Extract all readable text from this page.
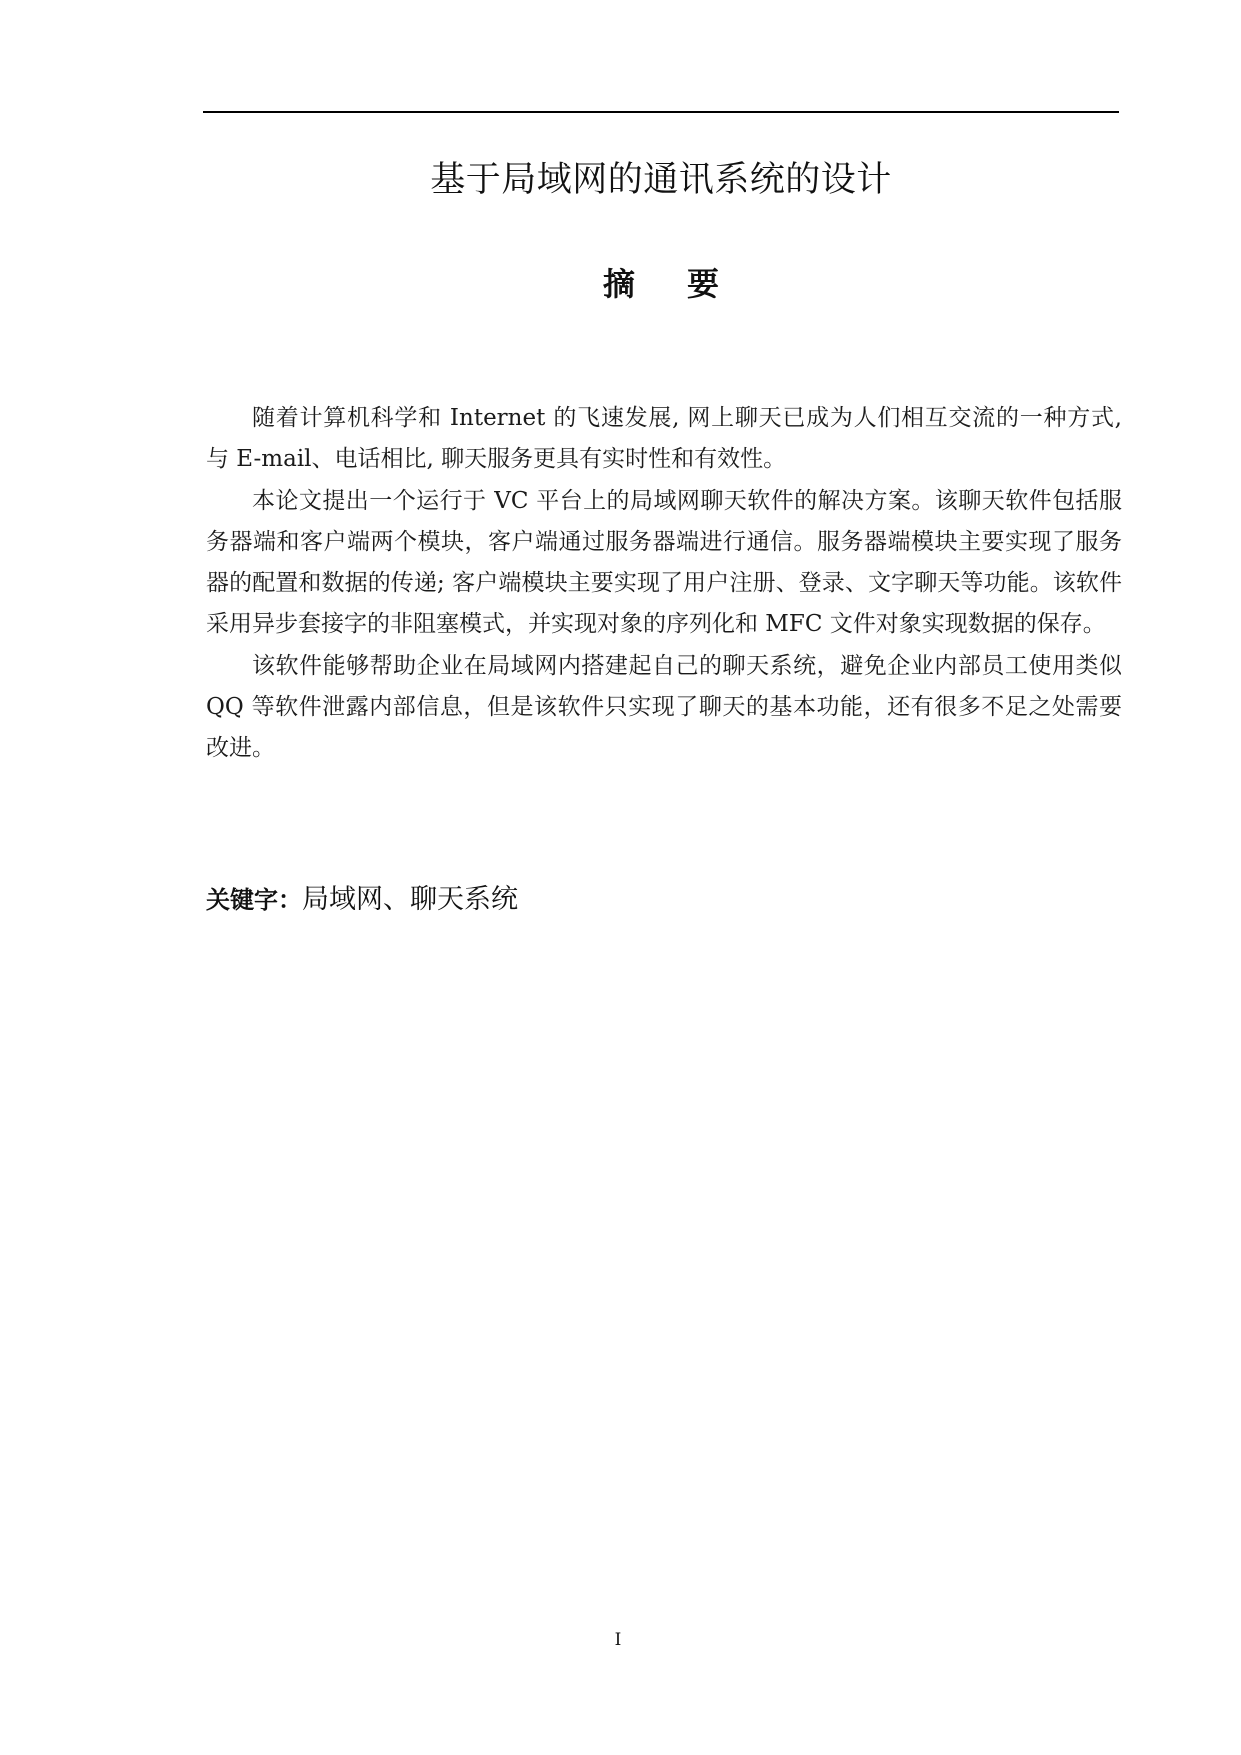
基于局域网的通讯系统的设计
摘 要

随着计算机科学和 Internet 的飞速发展, 网上聊天已成为人们相互交流的一种方式, 与 E-mail、电话相比, 聊天服务更具有实时性和有效性。

本论文提出一个运行于 VC 平台上的局域网聊天软件的解决方案。该聊天软件包括服务器端和客户端两个模块，客户端通过服务器端进行通信。服务器端模块主要实现了服务器的配置和数据的传递; 客户端模块主要实现了用户注册、登录、文字聊天等功能。该软件采用异步套接字的非阻塞模式，并实现对象的序列化和 MFC 文件对象实现数据的保存。

该软件能够帮助企业在局域网内搭建起自己的聊天系统，避免企业内部员工使用类似 QQ 等软件泄露内部信息，但是该软件只实现了聊天的基本功能，还有很多不足之处需要改进。

关键字：局域网、聊天系统
I
